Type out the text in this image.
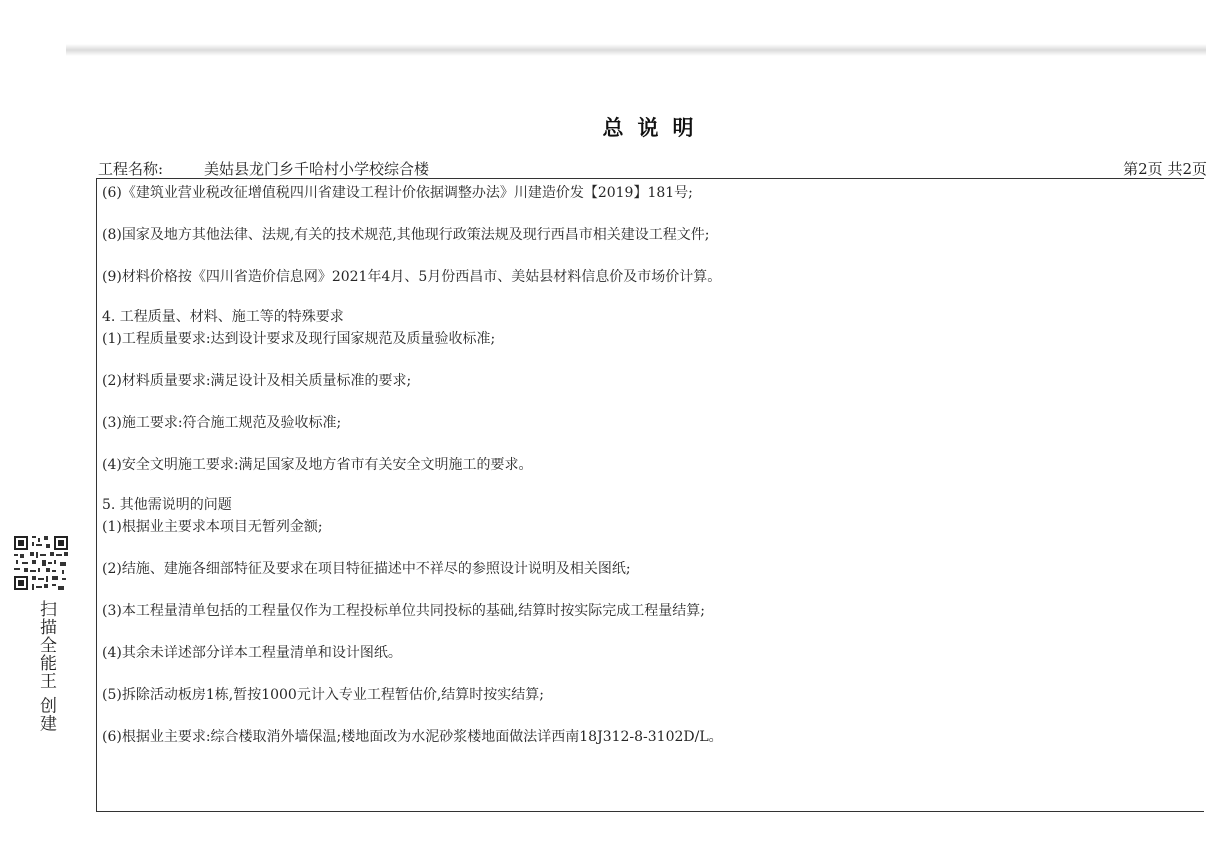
总说明
工程名称:	美姑县龙门乡千哈村小学校综合楼	第2页 共2页
(6)《建筑业营业税改征增值税四川省建设工程计价依据调整办法》川建造价发【2019】181号;
(8)国家及地方其他法律、法规,有关的技术规范,其他现行政策法规及现行西昌市相关建设工程文件;
(9)材料价格按《四川省造价信息网》2021年4月、5月份西昌市、美姑县材料信息价及市场价计算。
4. 工程质量、材料、施工等的特殊要求
(1)工程质量要求:达到设计要求及现行国家规范及质量验收标准;
(2)材料质量要求:满足设计及相关质量标准的要求;
(3)施工要求:符合施工规范及验收标准;
(4)安全文明施工要求:满足国家及地方省市有关安全文明施工的要求。
5. 其他需说明的问题
(1)根据业主要求本项目无暂列金额;
(2)结施、建施各细部特征及要求在项目特征描述中不祥尽的参照设计说明及相关图纸;
(3)本工程量清单包括的工程量仅作为工程投标单位共同投标的基础,结算时按实际完成工程量结算;
(4)其余未详述部分详本工程量清单和设计图纸。
(5)拆除活动板房1栋,暂按1000元计入专业工程暂估价,结算时按实结算;
(6)根据业主要求:综合楼取消外墙保温;楼地面改为水泥砂浆楼地面做法详西南18J312-8-3102D/L。
扫描全能王 创建
